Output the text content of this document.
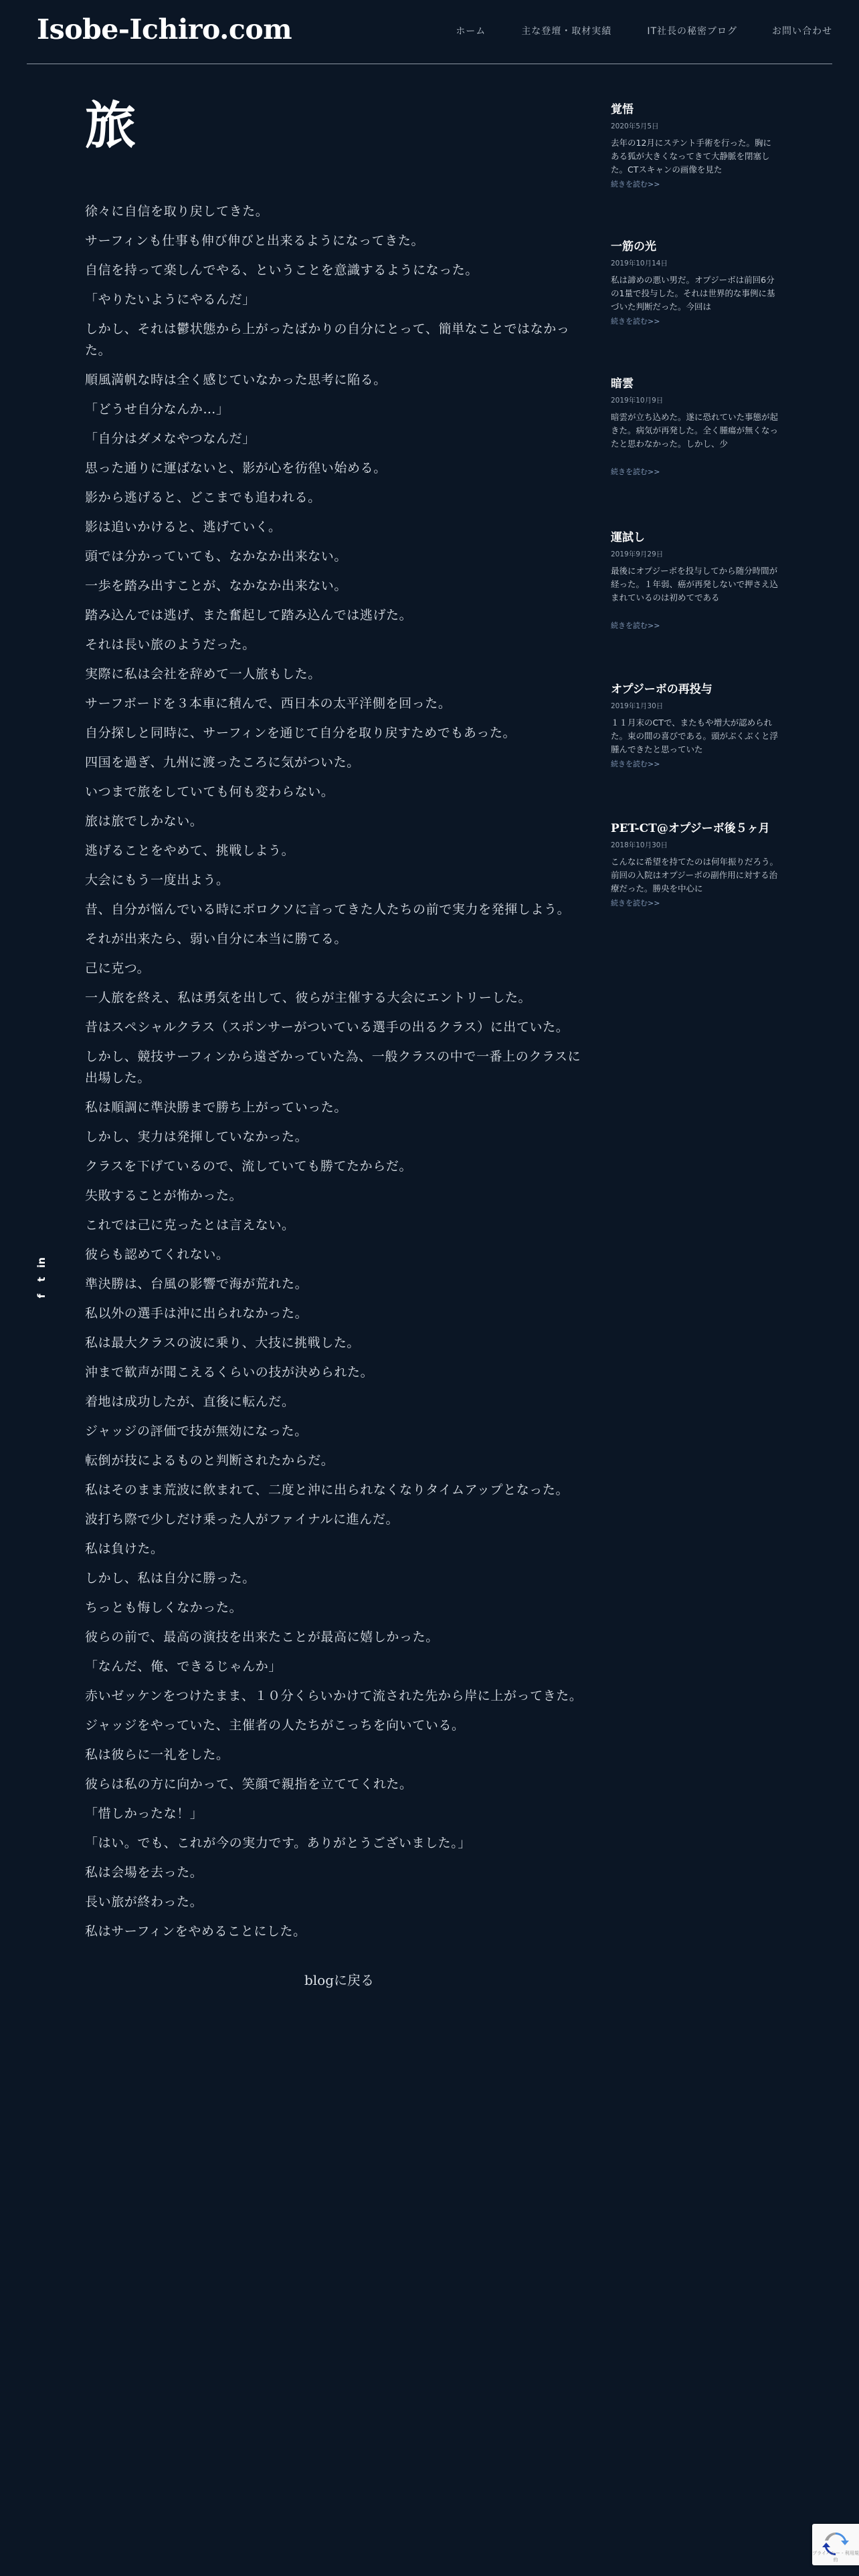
Isobe-Ichiro.com	ホーム	主な登壇・取材実績	IT社長の秘密ブログ	お問い合わせ
in
t
f
旅
徐々に自信を取り戻してきた。
サーフィンも仕事も伸び伸びと出来るようになってきた。
自信を持って楽しんでやる、ということを意識するようになった。
「やりたいようにやるんだ」
しかし、それは鬱状態から上がったばかりの自分にとって、簡単なことではなかった。
順風満帆な時は全く感じていなかった思考に陥る。
「どうせ自分なんか…」
「自分はダメなやつなんだ」
思った通りに運ばないと、影が心を彷徨い始める。
影から逃げると、どこまでも追われる。
影は追いかけると、逃げていく。
頭では分かっていても、なかなか出来ない。
一歩を踏み出すことが、なかなか出来ない。
踏み込んでは逃げ、また奮起して踏み込んでは逃げた。
それは長い旅のようだった。
実際に私は会社を辞めて一人旅もした。
サーフボードを３本車に積んで、西日本の太平洋側を回った。
自分探しと同時に、サーフィンを通じて自分を取り戻すためでもあった。
四国を過ぎ、九州に渡ったころに気がついた。
いつまで旅をしていても何も変わらない。
旅は旅でしかない。
逃げることをやめて、挑戦しよう。
大会にもう一度出よう。
昔、自分が悩んでいる時にボロクソに言ってきた人たちの前で実力を発揮しよう。
それが出来たら、弱い自分に本当に勝てる。
己に克つ。
一人旅を終え、私は勇気を出して、彼らが主催する大会にエントリーした。
昔はスペシャルクラス（スポンサーがついている選手の出るクラス）に出ていた。
しかし、競技サーフィンから遠ざかっていた為、一般クラスの中で一番上のクラスに出場した。
私は順調に準決勝まで勝ち上がっていった。
しかし、実力は発揮していなかった。
クラスを下げているので、流していても勝てたからだ。
失敗することが怖かった。
これでは己に克ったとは言えない。
彼らも認めてくれない。
準決勝は、台風の影響で海が荒れた。
私以外の選手は沖に出られなかった。
私は最大クラスの波に乗り、大技に挑戦した。
沖まで歓声が聞こえるくらいの技が決められた。
着地は成功したが、直後に転んだ。
ジャッジの評価で技が無効になった。
転倒が技によるものと判断されたからだ。
私はそのまま荒波に飲まれて、二度と沖に出られなくなりタイムアップとなった。
波打ち際で少しだけ乗った人がファイナルに進んだ。
私は負けた。
しかし、私は自分に勝った。
ちっとも悔しくなかった。
彼らの前で、最高の演技を出来たことが最高に嬉しかった。
「なんだ、俺、できるじゃんか」
赤いゼッケンをつけたまま、１０分くらいかけて流された先から岸に上がってきた。
ジャッジをやっていた、主催者の人たちがこっちを向いている。
私は彼らに一礼をした。
彼らは私の方に向かって、笑顔で親指を立ててくれた。
「惜しかったな！」
「はい。でも、これが今の実力です。ありがとうございました。」
私は会場を去った。
長い旅が終わった。
私はサーフィンをやめることにした。
blogに戻る
覚悟
2020年5月5日
去年の12月にステント手術を行った。胸にある狐が大きくなってきて大静脈を閉塞した。CTスキャンの画像を見た
続きを読む>>
一筋の光
2019年10月14日
私は諦めの悪い男だ。オプジーボは前回6分の1量で投与した。それは世界的な事例に基づいた判断だった。今回は
続きを読む>>
暗雲
2019年10月9日
暗雲が立ち込めた。遂に恐れていた事態が起きた。病気が再発した。全く腫瘍が無くなったと思わなかった。しかし、少
続きを読む>>
運試し
2019年9月29日
最後にオプジーボを投与してから随分時間が経った。１年弱、癌が再発しないで押さえ込まれているのは初めてである
続きを読む>>
オプジーボの再投与
2019年1月30日
１１月末のCTで、またもや増大が認められた。束の間の喜びである。頭がぶくぶくと浮腫んできたと思っていた
続きを読む>>
PET-CT@オプジーボ後５ヶ月
2018年10月30日
こんなに希望を持てたのは何年振りだろう。前回の入院はオプジーボの副作用に対する治療だった。勝央を中心に
続きを読む>>
プライバシー - 利用規約
